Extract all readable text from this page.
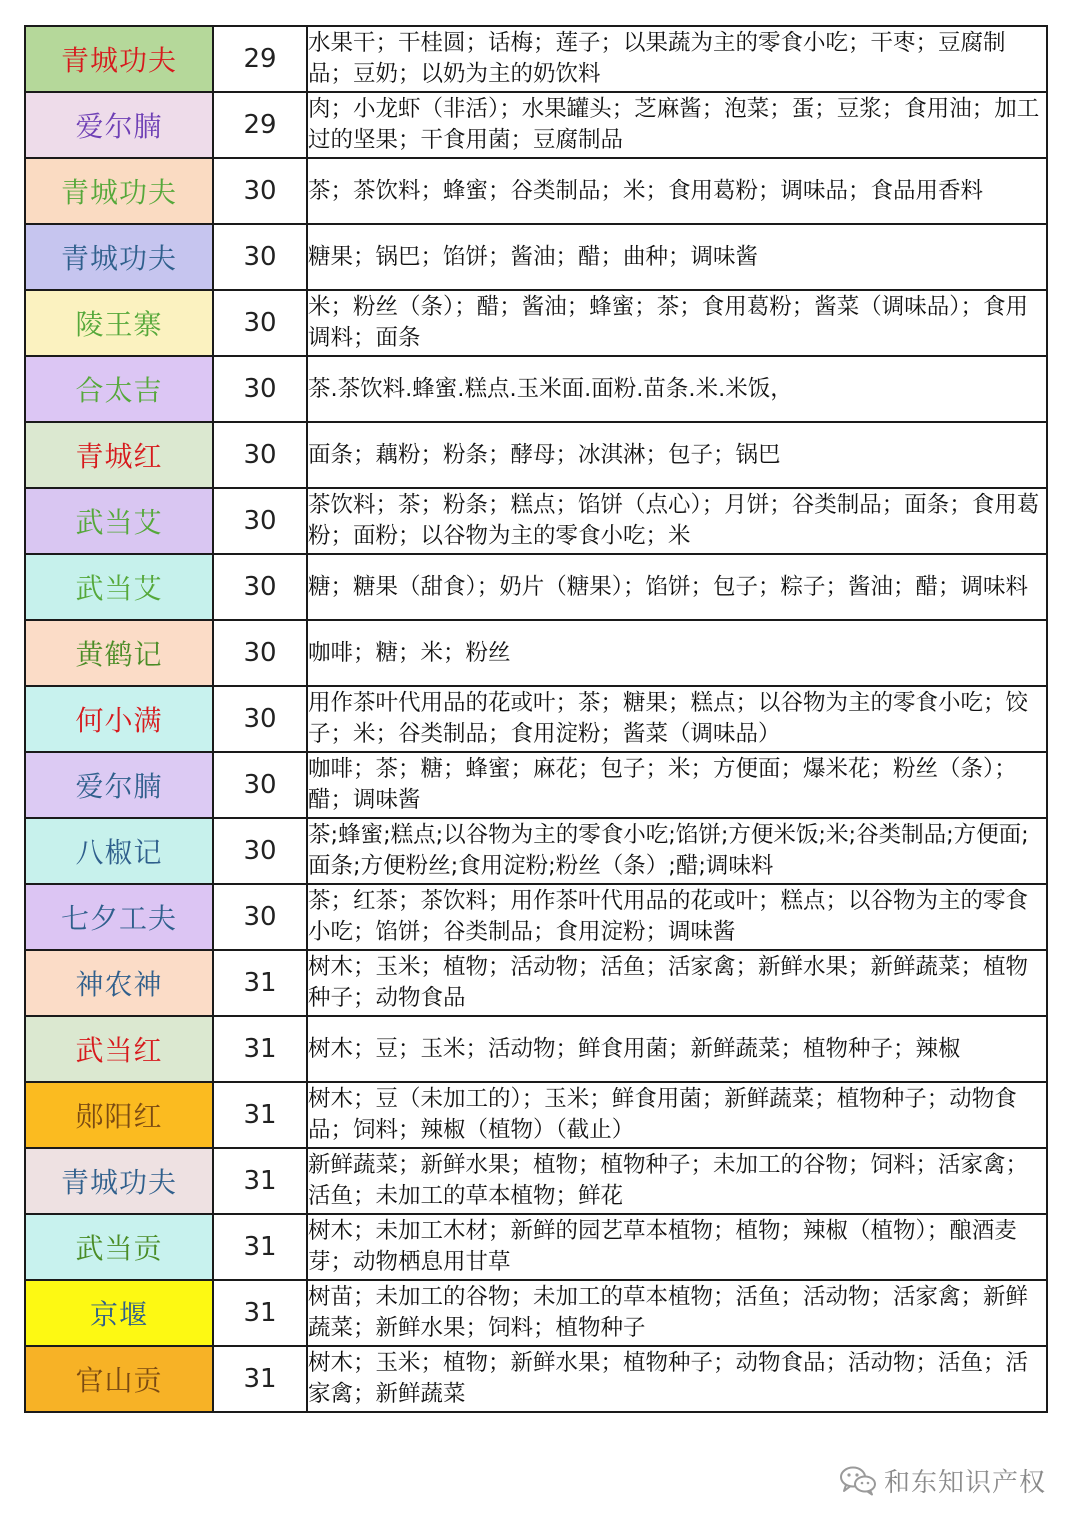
青城功夫	29	水果干；干桂圆；话梅；莲子；以果蔬为主的零食小吃；干枣；豆腐制品；豆奶；以奶为主的奶饮料
爱尔腩	29	肉；小龙虾（非活）；水果罐头；芝麻酱；泡菜；蛋；豆浆；食用油；加工过的坚果；干食用菌；豆腐制品
青城功夫	30	茶；茶饮料；蜂蜜；谷类制品；米；食用葛粉；调味品；食品用香料
青城功夫	30	糖果；锅巴；馅饼；酱油；醋；曲种；调味酱
陵王寨	30	米；粉丝（条）；醋；酱油；蜂蜜；茶；食用葛粉；酱菜（调味品）；食用调料；面条
合太吉	30	茶.茶饮料.蜂蜜.糕点.玉米面.面粉.苗条.米.米饭，
青城红	30	面条；藕粉；粉条；酵母；冰淇淋；包子；锅巴
武当艾	30	茶饮料；茶；粉条；糕点；馅饼（点心）；月饼；谷类制品；面条；食用葛粉；面粉；以谷物为主的零食小吃；米
武当艾	30	糖；糖果（甜食）；奶片（糖果）；馅饼；包子；粽子；酱油；醋；调味料
黄鹤记	30	咖啡；糖；米；粉丝
何小满	30	用作茶叶代用品的花或叶；茶；糖果；糕点；以谷物为主的零食小吃；饺子；米；谷类制品；食用淀粉；酱菜（调味品）
爱尔腩	30	咖啡；茶；糖；蜂蜜；麻花；包子；米；方便面；爆米花；粉丝（条）；醋；调味酱
八椒记	30	茶;蜂蜜;糕点;以谷物为主的零食小吃;馅饼;方便米饭;米;谷类制品;方便面;面条;方便粉丝;食用淀粉;粉丝（条）;醋;调味料
七夕工夫	30	茶；红茶；茶饮料；用作茶叶代用品的花或叶；糕点；以谷物为主的零食小吃；馅饼；谷类制品；食用淀粉；调味酱
神农神	31	树木；玉米；植物；活动物；活鱼；活家禽；新鲜水果；新鲜蔬菜；植物种子；动物食品
武当红	31	树木；豆；玉米；活动物；鲜食用菌；新鲜蔬菜；植物种子；辣椒
郧阳红	31	树木；豆（未加工的）；玉米；鲜食用菌；新鲜蔬菜；植物种子；动物食品；饲料；辣椒（植物）（截止）
青城功夫	31	新鲜蔬菜；新鲜水果；植物；植物种子；未加工的谷物；饲料；活家禽；活鱼；未加工的草本植物；鲜花
武当贡	31	树木；未加工木材；新鲜的园艺草本植物；植物；辣椒（植物）；酿酒麦芽；动物栖息用甘草
京堰	31	树苗；未加工的谷物；未加工的草本植物；活鱼；活动物；活家禽；新鲜蔬菜；新鲜水果；饲料；植物种子
官山贡	31	树木；玉米；植物；新鲜水果；植物种子；动物食品；活动物；活鱼；活家禽；新鲜蔬菜
和东知识产权
